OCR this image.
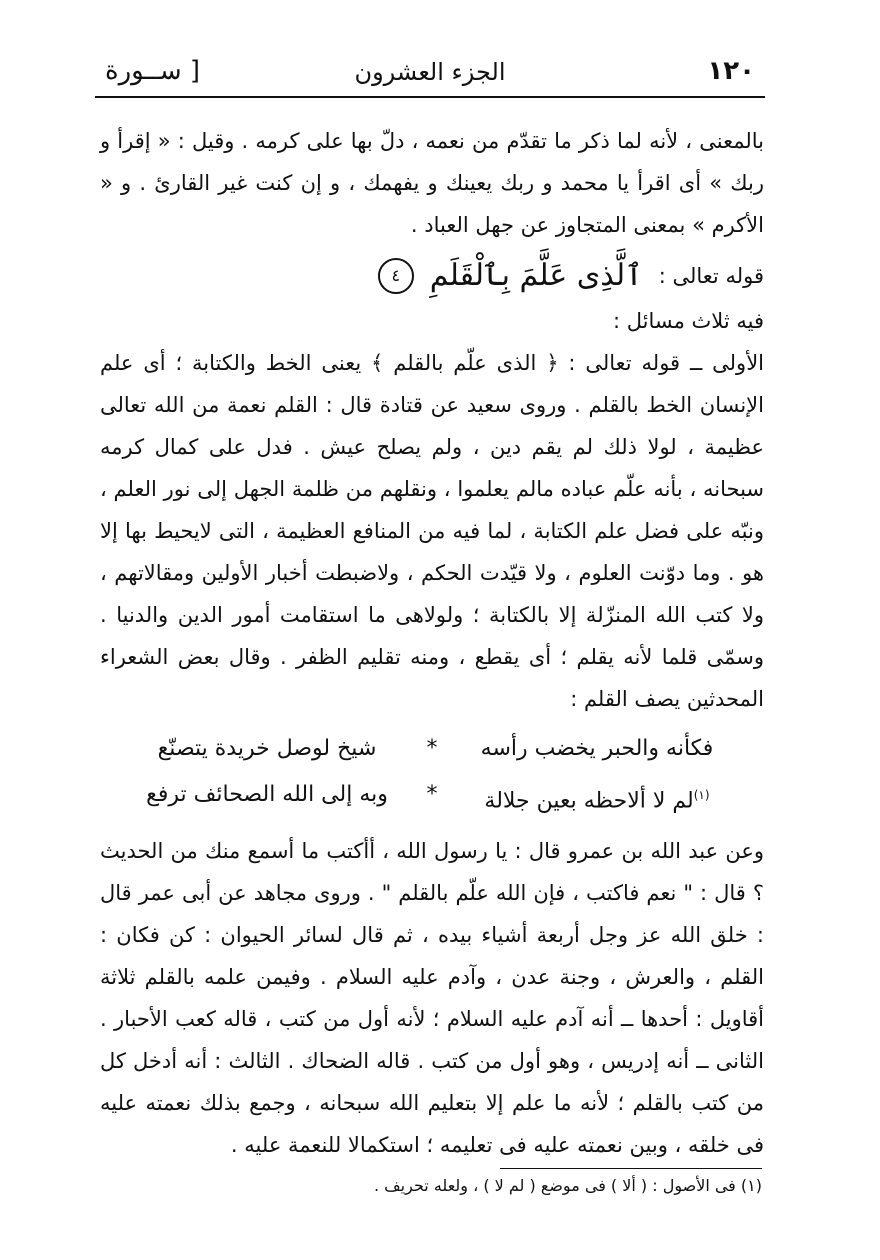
[ ســورة	الجزء العشرون	١٢٠

بالمعنى ، لأنه لما ذكر ما تقدّم من نعمه ، دلّ بها على كرمه . وقيل : « إقرأ و ربك » أى اقرأ يا محمد و ربك يعينك و يفهمك ، و إن كنت غير القارئ . و « الأكرم » بمعنى المتجاوز عن جهل العباد .

قوله تعالى :
ٱلَّذِى عَلَّمَ بِٱلْقَلَمِ
٤

فيه ثلاث مسائل :

الأولى ــ قوله تعالى : ﴿ الذى علّم بالقلم ﴾ يعنى الخط والكتابة ؛ أى علم الإنسان الخط بالقلم . وروى سعيد عن قتادة قال : القلم نعمة من الله تعالى عظيمة ، لولا ذلك لم يقم دين ، ولم يصلح عيش . فدل على كمال كرمه سبحانه ، بأنه علّم عباده مالم يعلموا ، ونقلهم من ظلمة الجهل إلى نور العلم ، ونبّه على فضل علم الكتابة ، لما فيه من المنافع العظيمة ، التى لايحيط بها إلا هو . وما دوّنت العلوم ، ولا قيّدت الحكم ، ولاضبطت أخبار الأولين ومقالاتهم ، ولا كتب الله المنزّلة إلا بالكتابة ؛ ولولاهى ما استقامت أمور الدين والدنيا . وسمّى قلما لأنه يقلم ؛ أى يقطع ، ومنه تقليم الظفر . وقال بعض الشعراء المحدثين يصف القلم :

فكأنه والحبر يخضب رأسه
*
شيخ لوصل خريدة يتصنّع
$^{(١)}$لم لا ألاحظه بعين جلالة
*
وبه إلى الله الصحائف ترفع

وعن عبد الله بن عمرو قال : يا رسول الله ، أأكتب ما أسمع منك من الحديث ؟ قال : " نعم فاكتب ، فإن الله علّم بالقلم " . وروى مجاهد عن أبى عمر قال : خلق الله عز وجل أربعة أشياء بيده ، ثم قال لسائر الحيوان : كن فكان : القلم ، والعرش ، وجنة عدن ، وآدم عليه السلام . وفيمن علمه بالقلم ثلاثة أقاويل : أحدها ــ أنه آدم عليه السلام ؛ لأنه أول من كتب ، قاله كعب الأحبار . الثانى ــ أنه إدريس ، وهو أول من كتب . قاله الضحاك . الثالث : أنه أدخل كل من كتب بالقلم ؛ لأنه ما علم إلا بتعليم الله سبحانه ، وجمع بذلك نعمته عليه فى خلقه ، وبين نعمته عليه فى تعليمه ؛ استكمالا للنعمة عليه .

(١) فى الأصول : ( ألا ) فى موضع ( لم لا ) ، ولعله تحريف .
